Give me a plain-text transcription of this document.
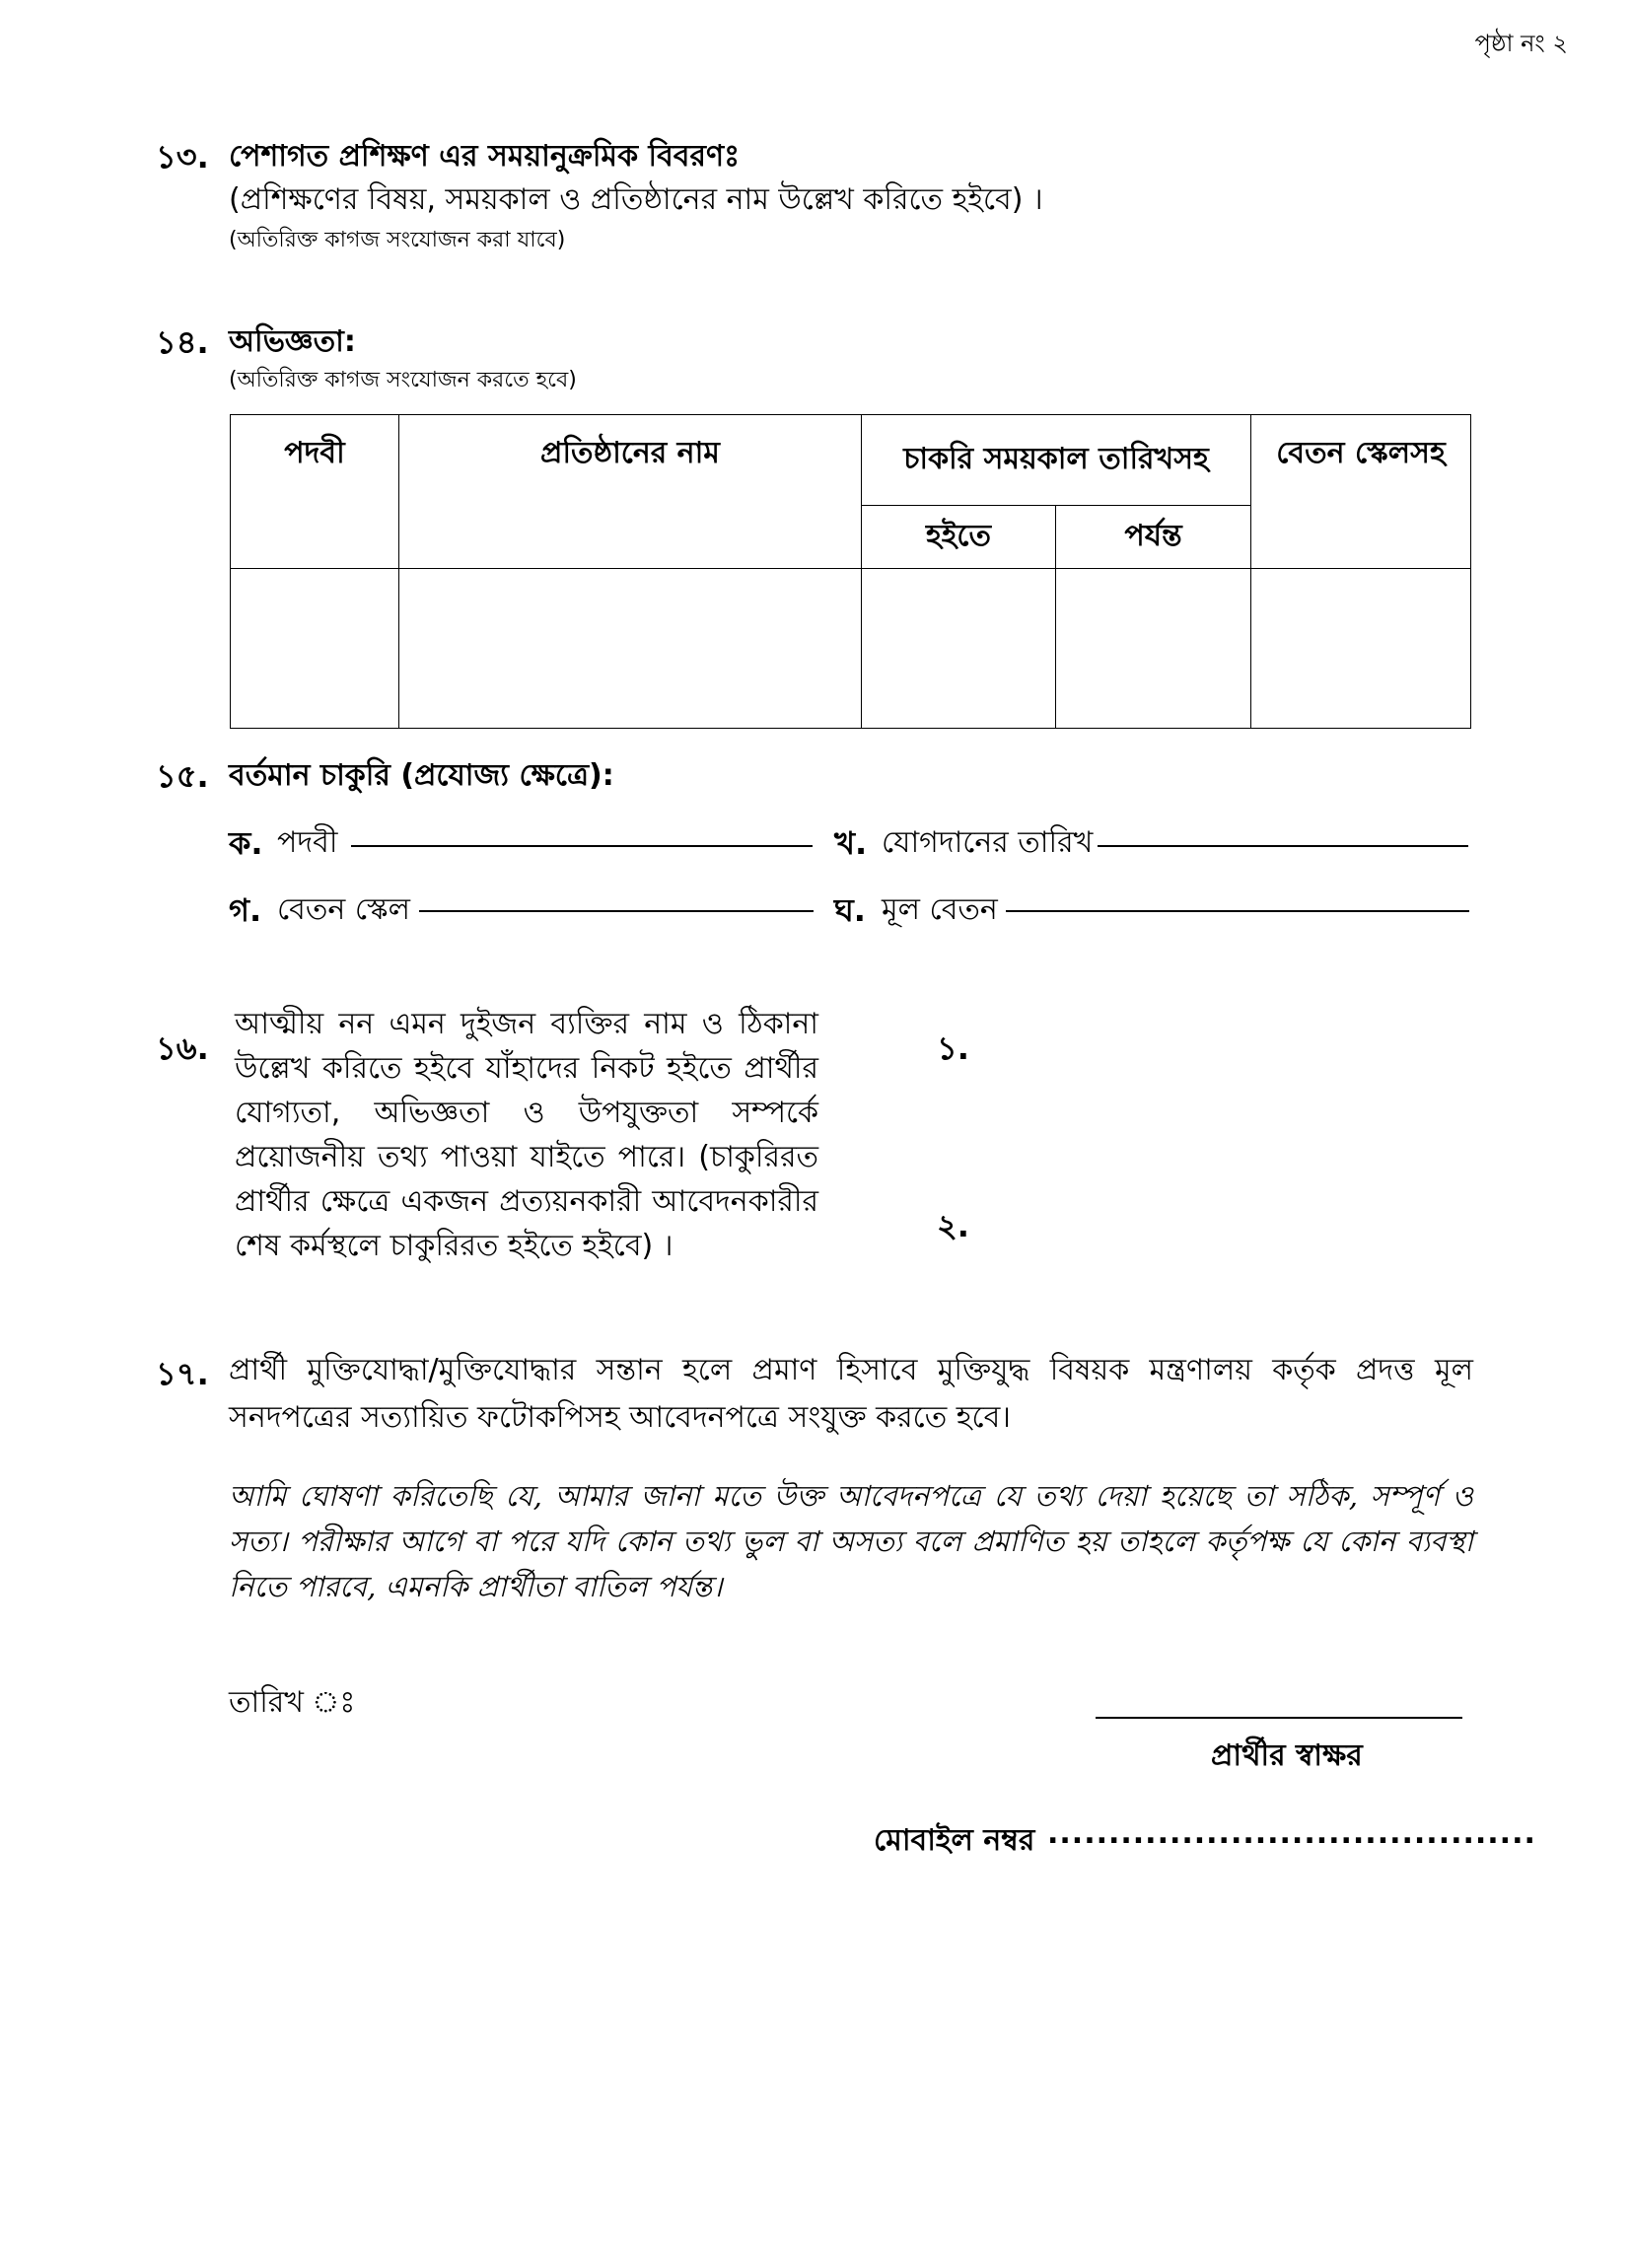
পৃষ্ঠা নং ২
১৩. পেশাগত প্রশিক্ষণ এর সময়ানুক্রমিক বিবরণঃ
(প্রশিক্ষণের বিষয়, সময়কাল ও প্রতিষ্ঠানের নাম উল্লেখ করিতে হইবে) ।
(অতিরিক্ত কাগজ সংযোজন করা যাবে)
১৪. অভিজ্ঞতা:
(অতিরিক্ত কাগজ সংযোজন করতে হবে)
পদবী	প্রতিষ্ঠানের নাম	চাকরি সময়কাল তারিখসহ		বেতন স্কেলসহ
		হইতে	পর্যন্ত	

১৫. বর্তমান চাকুরি (প্রযোজ্য ক্ষেত্রে):
ক. পদবী	খ. যোগদানের তারিখ
গ. বেতন স্কেল	ঘ. মূল বেতন
১৬.
আত্মীয় নন এমন দুইজন ব্যক্তির নাম ও ঠিকানা উল্লেখ করিতে হইবে যাঁহাদের নিকট হইতে প্রার্থীর যোগ্যতা, অভিজ্ঞতা ও উপযুক্ততা সম্পর্কে প্রয়োজনীয় তথ্য পাওয়া যাইতে পারে। (চাকুরিরত প্রার্থীর ক্ষেত্রে একজন প্রত্যয়নকারী আবেদনকারীর শেষ কর্মস্থলে চাকুরিরত হইতে হইবে) ।
১.
২.
১৭. প্রার্থী মুক্তিযোদ্ধা/মুক্তিযোদ্ধার সন্তান হলে প্রমাণ হিসাবে মুক্তিযুদ্ধ বিষয়ক মন্ত্রণালয় কর্তৃক প্রদত্ত মূল সনদপত্রের সত্যায়িত ফটোকপিসহ আবেদনপত্রে সংযুক্ত করতে হবে।
আমি ঘোষণা করিতেছি যে, আমার জানা মতে উক্ত আবেদনপত্রে যে তথ্য দেয়া হয়েছে তা সঠিক, সম্পূর্ণ ও সত্য। পরীক্ষার আগে বা পরে যদি কোন তথ্য ভুল বা অসত্য বলে প্রমাণিত হয় তাহলে কর্তৃপক্ষ যে কোন ব্যবস্থা নিতে পারবে, এমনকি প্রার্থীতা বাতিল পর্যন্ত।
তারিখ ঃ
প্রার্থীর স্বাক্ষর
মোবাইল নম্বর ........................................
